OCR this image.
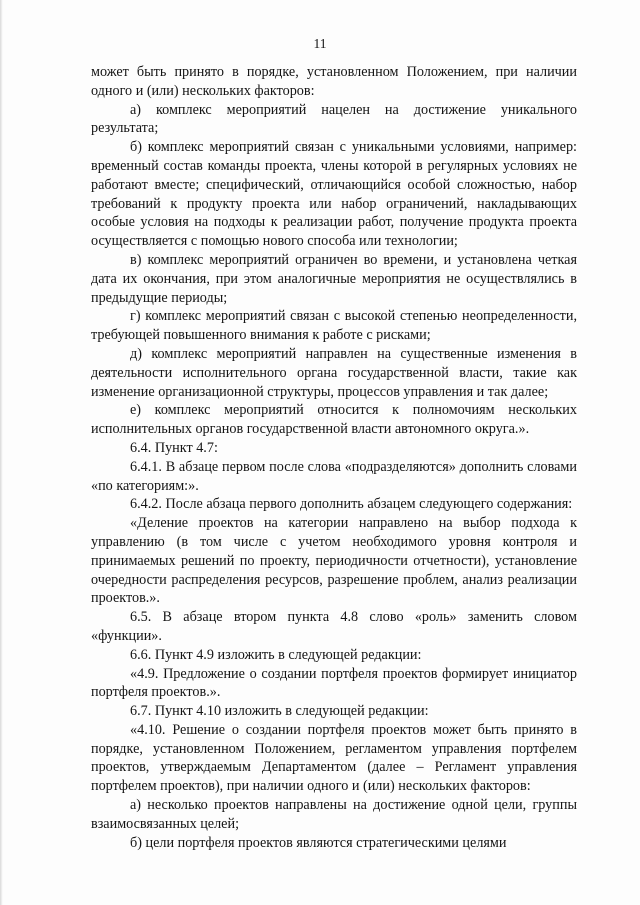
11

может быть принято в порядке, установленном Положением, при наличии одного и (или) нескольких факторов:

а) комплекс мероприятий нацелен на достижение уникального результата;

б) комплекс мероприятий связан с уникальными условиями, например: временный состав команды проекта, члены которой в регулярных условиях не работают вместе; специфический, отличающийся особой сложностью, набор требований к продукту проекта или набор ограничений, накладывающих особые условия на подходы к реализации работ, получение продукта проекта осуществляется с помощью нового способа или технологии;

в) комплекс мероприятий ограничен во времени, и установлена четкая дата их окончания, при этом аналогичные мероприятия не осуществлялись в предыдущие периоды;

г) комплекс мероприятий связан с высокой степенью неопределенности, требующей повышенного внимания к работе с рисками;

д) комплекс мероприятий направлен на существенные изменения в деятельности исполнительного органа государственной власти, такие как изменение организационной структуры, процессов управления и так далее;

е) комплекс мероприятий относится к полномочиям нескольких исполнительных органов государственной власти автономного округа.».

6.4. Пункт 4.7:

6.4.1. В абзаце первом после слова «подразделяются» дополнить словами «по категориям:».

6.4.2. После абзаца первого дополнить абзацем следующего содержания:

«Деление проектов на категории направлено на выбор подхода к управлению (в том числе с учетом необходимого уровня контроля и принимаемых решений по проекту, периодичности отчетности), установление очередности распределения ресурсов, разрешение проблем, анализ реализации проектов.».

6.5. В абзаце втором пункта 4.8 слово «роль» заменить словом «функции».

6.6. Пункт 4.9 изложить в следующей редакции:

«4.9. Предложение о создании портфеля проектов формирует инициатор портфеля проектов.».

6.7. Пункт 4.10 изложить в следующей редакции:

«4.10. Решение о создании портфеля проектов может быть принято в порядке, установленном Положением, регламентом управления портфелем проектов, утверждаемым Департаментом (далее – Регламент управления портфелем проектов), при наличии одного и (или) нескольких факторов:

а) несколько проектов направлены на достижение одной цели, группы взаимосвязанных целей;

б) цели портфеля проектов являются стратегическими целями
